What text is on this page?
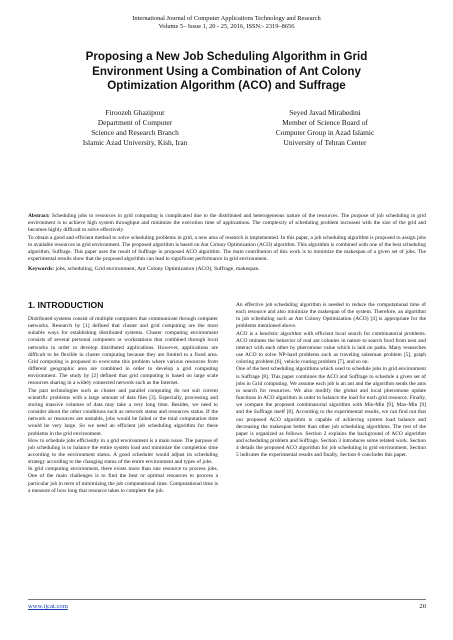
International Journal of Computer Applications Technology and Research
Volume 5– Issue 1, 20 - 25, 2016, ISSN:- 2319–8656
Proposing a New Job Scheduling Algorithm in Grid
Environment Using a Combination of Ant Colony
Optimization Algorithm (ACO) and Suffrage
Firoozeh Ghazipour
Department of Computer
Science and Research Branch
Islamic Azad University, Kish, Iran
Seyed Javad Mirabedini
Member of Science Board of
Computer Group in Azad Islamic
University of Tehran Center
Abstract: Scheduling jobs to resources in grid computing is complicated due to the distributed and heterogeneous nature of the resources. The purpose of job scheduling in grid environment is to achieve high system throughput and minimize the execution time of applications. The complexity of scheduling problem increases with the size of the grid and becomes highly difficult to solve effectively.
To obtain a good and efficient method to solve scheduling problems in grid, a new area of research is implemented. In this paper, a job scheduling algorithm is proposed to assign jobs to available resources in grid environment. The proposed algorithm is based on Ant Colony Optimization (ACO) algorithm. This algorithm is combined with one of the best scheduling algorithm, Suffrage. This paper uses the result of Suffrage in proposed ACO algorithm. The main contribution of this work is to minimize the makespan of a given set of jobs. The experimental results show that the proposed algorithm can lead to significant performance in grid environment.
Keywords: jobs, scheduling, Grid environment, Ant Colony Optimization (ACO), Suffrage, makespan.
1. INTRODUCTION

Distributed systems consist of multiple computers that communicate through computer networks. Research by [1] defined that cluster and grid computing are the most suitable ways for establishing distributed systems. Cluster computing environment consists of several personal computers or workstations that combined through local networks in order to develop distributed applications. However, applications are difficult to be flexible in cluster computing because they are limited to a fixed area. Grid computing is proposed to overcome this problem where various resources from different geographic area are combined in order to develop a grid computing environment. The study by [2] defined that grid computing is based on large scale resources sharing in a widely connected network such as the Internet.

The past technologies such as cluster and parallel computing do not suit current scientific problems with a large amount of data files [3]. Especially, processing and storing massive volumes of data may take a very long time. Besides, we need to consider about the other conditions such as network status and resources status. If the network or resources are unstable, jobs would be failed or the total computation time would be very large. So we need an efficient job scheduling algorithm for these problems in the grid environment.

How to schedule jobs efficiently in a grid environment is a main issue. The purpose of job scheduling is to balance the entire system load and minimize the completion time according to the environment status. A good scheduler would adjust its scheduling strategy according to the changing status of the entire environment and types of jobs.

In grid computing environment, there exists more than one resource to process jobs. One of the main challenges is to find the best or optimal resources to process a particular job in term of minimizing the job computational time. Computational time is a measure of how long that resource takes to complete the job.

An effective job scheduling algorithm is needed to reduce the computational time of each resource and also minimize the makespan of the system. Therefore, an algorithm in job scheduling such as Ant Colony Optimization (ACO) [4] is appropriate for the problems mentioned above.

ACO is a heuristic algorithm with efficient local search for combinatorial problems. ACO imitates the behavior of real ant colonies in nature to search food from nest and interact with each other by pheromone value which is laid on paths. Many researches use ACO to solve NP-hard problems such as traveling salesman problem [5], graph coloring problem [6], vehicle routing problem [7], and so on.

One of the best scheduling algorithms which used to schedule jobs in grid environment is Suffrage [8]. This paper combines the ACO and Suffrage to schedule a given set of jobs in Grid computing. We assume each job is an ant and the algorithm sends the ants to search for resources. We also modify the global and local pheromone update functions in ACO algorithm in order to balance the load for each grid resource. Finally, we compare the proposed combinatorial algorithm with Min-Min [9], Max-Min [9] and the Suffrage itself [8]. According to the experimental results, we can find out that our proposed ACO algorithm is capable of achieving system load balance and decreasing the makespan better than other job scheduling algorithms. The rest of the paper is organized as follows. Section 2 explains the background of ACO algorithm and scheduling problem and Suffrage. Section 3 introduces some related work. Section 4 details the proposed ACO algorithm for job scheduling in grid environment. Section 5 indicates the experimental results and finally, Section 6 concludes this paper.

www.ijcat.com	20
